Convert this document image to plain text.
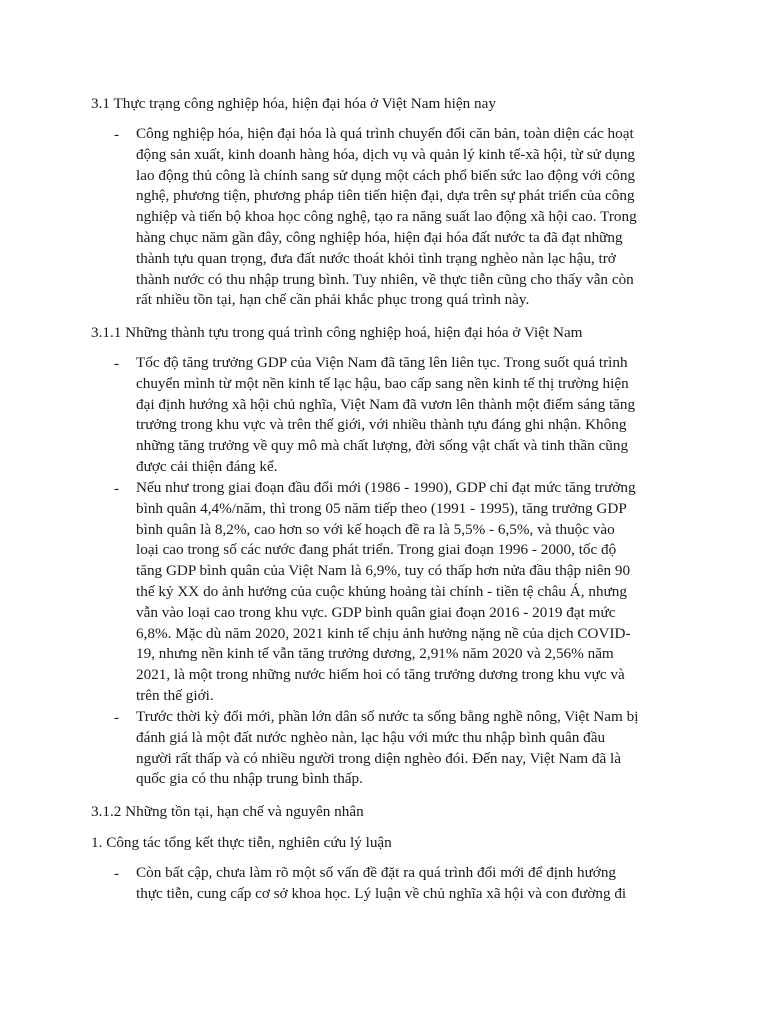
3.1 Thực trạng công nghiệp hóa, hiện đại hóa ở Việt Nam hiện nay
- Công nghiệp hóa, hiện đại hóa là quá trình chuyển đổi căn bản, toàn diện các hoạt
động sản xuất, kinh doanh hàng hóa, dịch vụ và quản lý kinh tế-xã hội, từ sử dụng
lao động thủ công là chính sang sử dụng một cách phổ biến sức lao động với công
nghệ, phương tiện, phương pháp tiên tiến hiện đại, dựa trên sự phát triển của công
nghiệp và tiến bộ khoa học công nghệ, tạo ra năng suất lao động xã hội cao. Trong
hàng chục năm gần đây, công nghiệp hóa, hiện đại hóa đất nước ta đã đạt những
thành tựu quan trọng, đưa đất nước thoát khỏi tình trạng nghèo nàn lạc hậu, trở
thành nước có thu nhập trung bình. Tuy nhiên, về thực tiễn cũng cho thấy vẫn còn
rất nhiều tồn tại, hạn chế cần phải khắc phục trong quá trình này.
3.1.1 Những thành tựu trong quá trình công nghiệp hoá, hiện đại hóa ở Việt Nam
- Tốc độ tăng trưởng GDP của Viện Nam đã tăng lên liên tục. Trong suốt quá trình
chuyển mình từ một nền kinh tế lạc hậu, bao cấp sang nền kinh tế thị trường hiện
đại định hướng xã hội chủ nghĩa, Việt Nam đã vươn lên thành một điểm sáng tăng
trưởng trong khu vực và trên thế giới, với nhiều thành tựu đáng ghi nhận. Không
những tăng trưởng về quy mô mà chất lượng, đời sống vật chất và tinh thần cũng
được cải thiện đáng kể.
- Nếu như trong giai đoạn đầu đổi mới (1986 - 1990), GDP chỉ đạt mức tăng trưởng
bình quân 4,4%/năm, thì trong 05 năm tiếp theo (1991 - 1995), tăng trưởng GDP
bình quân là 8,2%, cao hơn so với kế hoạch đề ra là 5,5% - 6,5%, và thuộc vào
loại cao trong số các nước đang phát triển. Trong giai đoạn 1996 - 2000, tốc độ
tăng GDP bình quân của Việt Nam là 6,9%, tuy có thấp hơn nửa đầu thập niên 90
thế kỷ XX do ảnh hưởng của cuộc khủng hoảng tài chính - tiền tệ châu Á, nhưng
vẫn vào loại cao trong khu vực. GDP bình quân giai đoạn 2016 - 2019 đạt mức
6,8%. Mặc dù năm 2020, 2021 kinh tế chịu ảnh hưởng nặng nề của dịch COVID-
19, nhưng nền kinh tế vẫn tăng trưởng dương, 2,91% năm 2020 và 2,56% năm
2021, là một trong những nước hiếm hoi có tăng trưởng dương trong khu vực và
trên thế giới.
- Trước thời kỳ đổi mới, phần lớn dân số nước ta sống bằng nghề nông, Việt Nam bị
đánh giá là một đất nước nghèo nàn, lạc hậu với mức thu nhập bình quân đầu
người rất thấp và có nhiều người trong diện nghèo đói. Đến nay, Việt Nam đã là
quốc gia có thu nhập trung bình thấp.
3.1.2 Những tồn tại, hạn chế và nguyên nhân
1. Công tác tổng kết thực tiễn, nghiên cứu lý luận
- Còn bất cập, chưa làm rõ một số vấn đề đặt ra quá trình đổi mới để định hướng
thực tiễn, cung cấp cơ sở khoa học. Lý luận về chủ nghĩa xã hội và con đường đi
